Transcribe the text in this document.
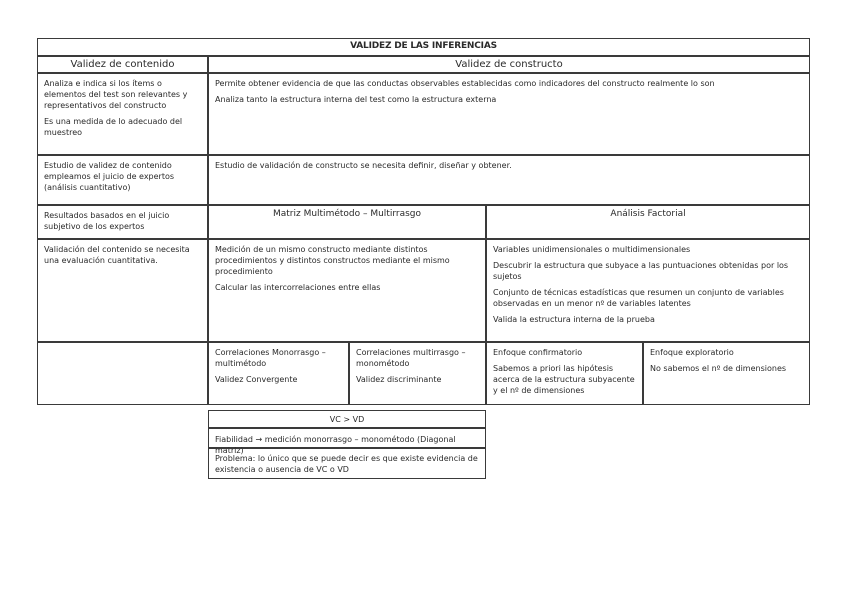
VALIDEZ DE LAS INFERENCIAS
Validez de contenido	Validez de constructo

Analiza e indica si los ítems o elementos del test son relevantes y representativos del constructo

Es una medida de lo adecuado del muestreo

Permite obtener evidencia de que las conductas observables establecidas como indicadores del constructo realmente lo son

Analiza tanto la estructura interna del test como la estructura externa

Estudio de validez de contenido empleamos el juicio de expertos (análisis cuantitativo)

Estudio de validación de constructo se necesita definir, diseñar y obtener.

Resultados basados en el juicio subjetivo de los expertos

Matriz Multimétodo – Multirrasgo	Análisis Factorial

Validación del contenido se necesita una evaluación cuantitativa.

Medición de un mismo constructo mediante distintos procedimientos y distintos constructos mediante el mismo procedimiento

Calcular las intercorrelaciones entre ellas

Variables unidimensionales o multidimensionales

Descubrir la estructura que subyace a las puntuaciones obtenidas por los sujetos

Conjunto de técnicas estadísticas que resumen un conjunto de variables observadas en un menor nº de variables latentes

Valida la estructura interna de la prueba

Correlaciones Monorrasgo – multimétodo

Validez Convergente

Correlaciones multirrasgo – monométodo

Validez discriminante

Enfoque confirmatorio

Sabemos a priori las hipótesis acerca de la estructura subyacente y el nº de dimensiones

Enfoque exploratorio

No sabemos el nº de dimensiones

VC > VD
Fiabilidad → medición monorrasgo – monométodo (Diagonal matriz)
Problema: lo único que se puede decir es que existe evidencia de existencia o ausencia de VC o VD
